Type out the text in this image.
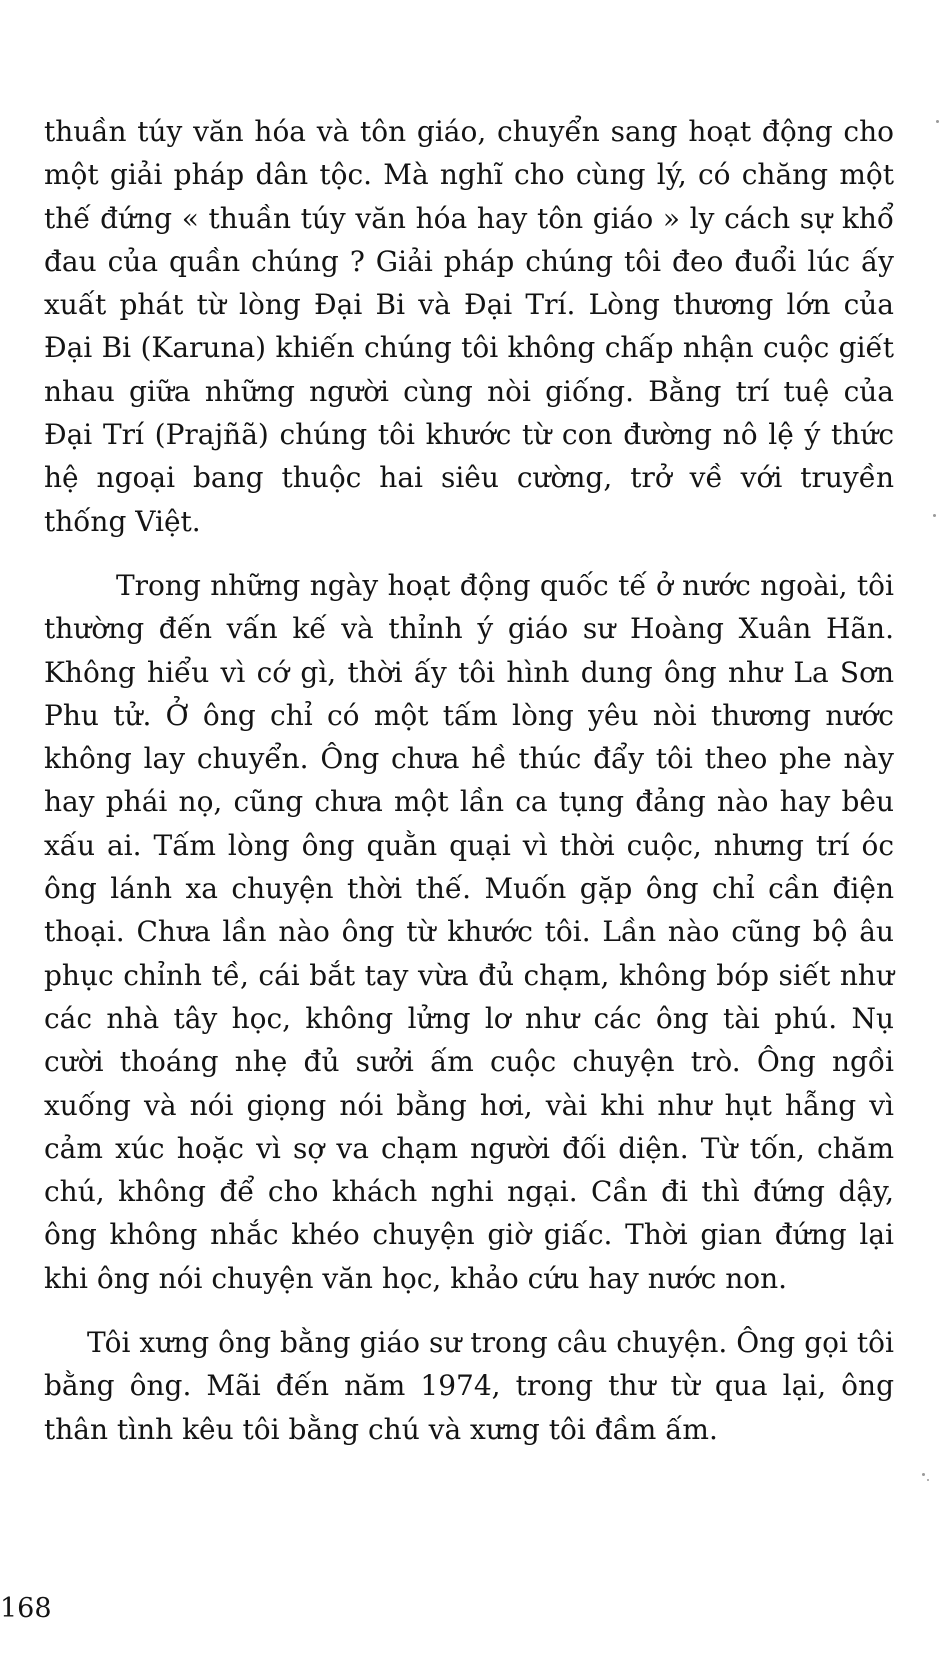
thuần túy văn hóa và tôn giáo, chuyển sang hoạt động cho một giải pháp dân tộc. Mà nghĩ cho cùng lý, có chăng một thế đứng « thuần túy văn hóa hay tôn giáo » ly cách sự khổ đau của quần chúng ? Giải pháp chúng tôi đeo đuổi lúc ấy xuất phát từ lòng Đại Bi và Đại Trí. Lòng thương lớn của Đại Bi (Karuna) khiến chúng tôi không chấp nhận cuộc giết nhau giữa những người cùng nòi giống. Bằng trí tuệ của Đại Trí (Prajñã) chúng tôi khước từ con đường nô lệ ý thức hệ ngoại bang thuộc hai siêu cường, trở về với truyền thống Việt.

Trong những ngày hoạt động quốc tế ở nước ngoài, tôi thường đến vấn kế và thỉnh ý giáo sư Hoàng Xuân Hãn. Không hiểu vì cớ gì, thời ấy tôi hình dung ông như La Sơn Phu tử. Ở ông chỉ có một tấm lòng yêu nòi thương nước không lay chuyển. Ông chưa hề thúc đẩy tôi theo phe này hay phái nọ, cũng chưa một lần ca tụng đảng nào hay bêu xấu ai. Tấm lòng ông quằn quại vì thời cuộc, nhưng trí óc ông lánh xa chuyện thời thế. Muốn gặp ông chỉ cần điện thoại. Chưa lần nào ông từ khước tôi. Lần nào cũng bộ âu phục chỉnh tề, cái bắt tay vừa đủ chạm, không bóp siết như các nhà tây học, không lửng lơ như các ông tài phú. Nụ cười thoáng nhẹ đủ sưởi ấm cuộc chuyện trò. Ông ngồi xuống và nói giọng nói bằng hơi, vài khi như hụt hẫng vì cảm xúc hoặc vì sợ va chạm người đối diện. Từ tốn, chăm chú, không để cho khách nghi ngại. Cần đi thì đứng dậy, ông không nhắc khéo chuyện giờ giấc. Thời gian đứng lại khi ông nói chuyện văn học, khảo cứu hay nước non.

Tôi xưng ông bằng giáo sư trong câu chuyện. Ông gọi tôi bằng ông. Mãi đến năm 1974, trong thư từ qua lại, ông thân tình kêu tôi bằng chú và xưng tôi đầm ấm.

168
